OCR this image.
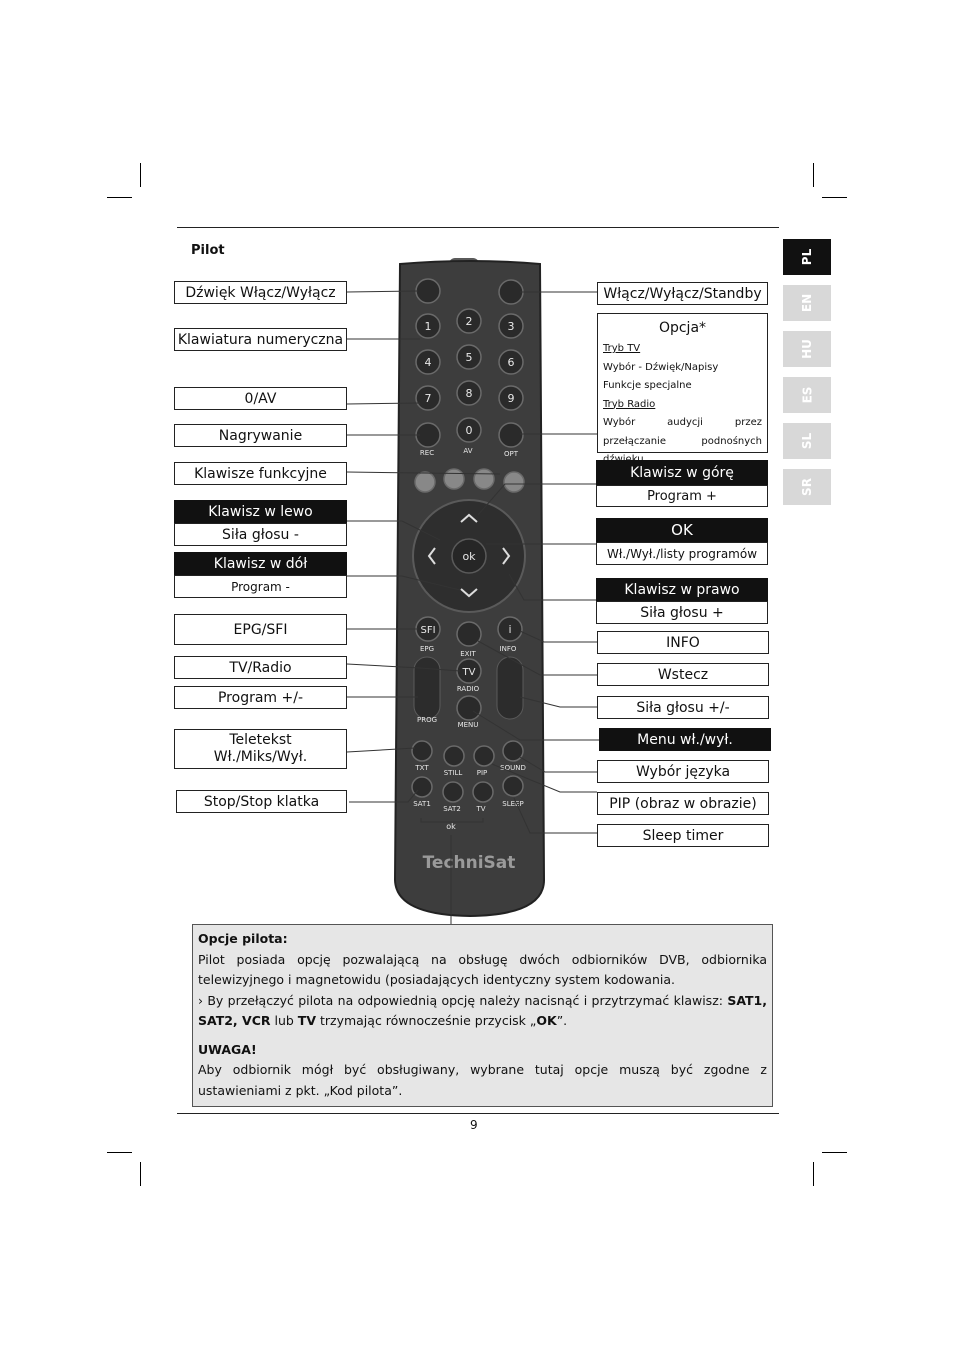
Pilot	PL
EN
HU
ES
SL
SR
1	2	3
4	5	6
7	8	9
0
REC	AV	OPT
ok
SFI	i
EPG
EXIT
INFO
TV
RADIO
PROG
MENU
TXT
STILL PIP
SOUND
SAT1
SAT2 TV
SLEEP
ok
TechniSat
Dźwięk Włącz/Wyłącz
Klawiatura numeryczna
0/AV
Nagrywanie
Klawisze funkcyjne
Klawisz w lewo
Siła głosu -
Klawisz w dół
Program -
EPG/SFI
TV/Radio
Program +/-
Teletekst
Wł./Miks/Wył.
Stop/Stop klatka
Włącz/Wyłącz/Standby
Opcja*
Tryb TV
Wybór - Dźwięk/Napisy
Funkcje specjalne
Tryb Radio
Wybór audycji przez przełączanie podnośnych
Klawisz w górę
Program +
OK
Wł./Wył./listy programów
Klawisz w prawo
Siła głosu +
INFO
Wstecz
Siła głosu +/-
Menu wł./wył.
Wybór języka
PIP (obraz w obrazie)
Sleep timer

Opcje pilota:

Pilot posiada opcję pozwalającą na obsługę dwóch odbiorników DVB, odbiornika telewizyjnego i magnetowidu (posiadających identyczny system kodowania.

› By przełączyć pilota na odpowiednią opcję należy nacisnąć i przytrzymać klawisz: SAT1, SAT2, VCR lub TV trzymając równocześnie przycisk „OK”.

UWAGA!

Aby odbiornik mógł być obsługiwany, wybrane tutaj opcje muszą być zgodne z ustawieniami z pkt. „Kod pilota”.

9
